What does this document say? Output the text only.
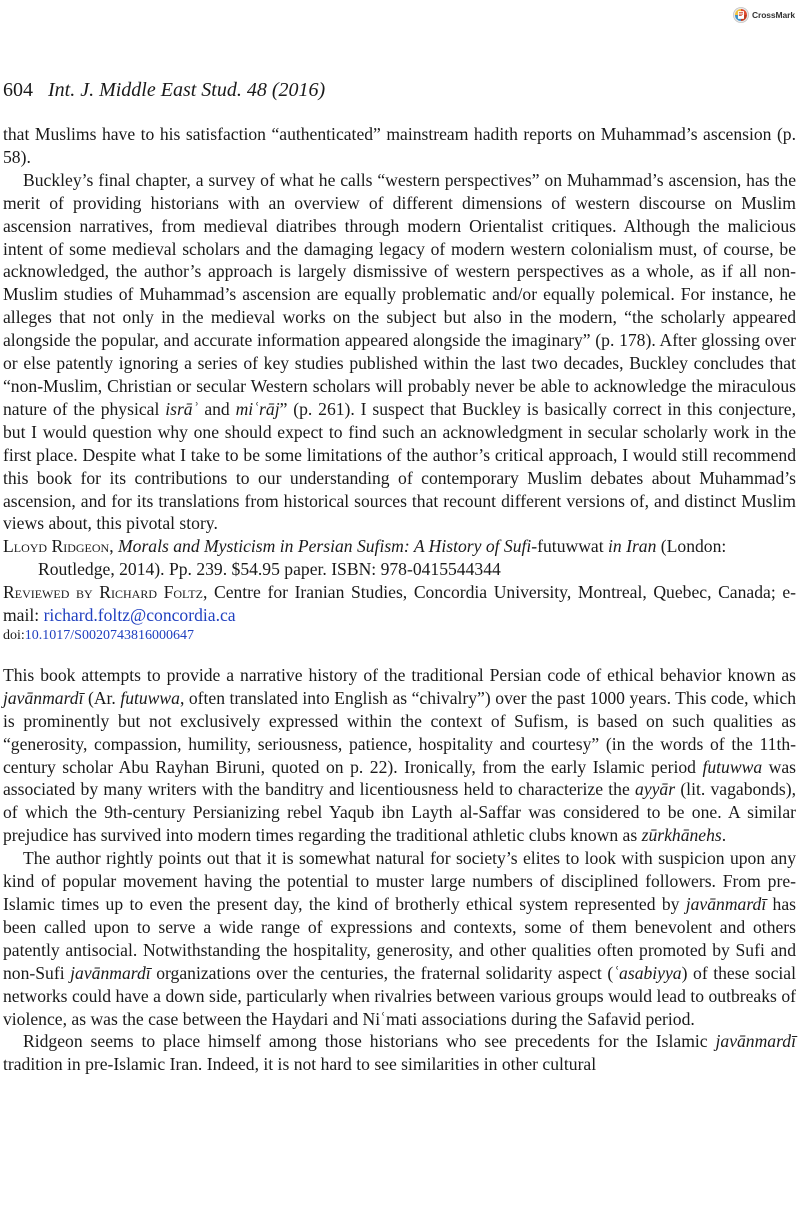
CrossMark
604 Int. J. Middle East Stud. 48 (2016)

that Muslims have to his satisfaction “authenticated” mainstream hadith reports on Muhammad’s ascension (p. 58).

Buckley’s final chapter, a survey of what he calls “western perspectives” on Muhammad’s ascension, has the merit of providing historians with an overview of different dimensions of western discourse on Muslim ascension narratives, from medieval diatribes through modern Orientalist critiques. Although the malicious intent of some medieval scholars and the damaging legacy of modern western colonialism must, of course, be acknowledged, the author’s approach is largely dismissive of western perspectives as a whole, as if all non-Muslim studies of Muhammad’s ascension are equally problematic and/or equally polemical. For instance, he alleges that not only in the medieval works on the subject but also in the modern, “the scholarly appeared alongside the popular, and accurate information appeared alongside the imaginary” (p. 178). After glossing over or else patently ignoring a series of key studies published within the last two decades, Buckley concludes that “non-Muslim, Christian or secular Western scholars will probably never be able to acknowledge the miraculous nature of the physical isrāʾ and miʿrāj” (p. 261). I suspect that Buckley is basically correct in this conjecture, but I would question why one should expect to find such an acknowledgment in secular scholarly work in the first place. Despite what I take to be some limitations of the author’s critical approach, I would still recommend this book for its contributions to our understanding of contemporary Muslim debates about Muhammad’s ascension, and for its translations from historical sources that recount different versions of, and distinct Muslim views about, this pivotal story.

Lloyd Ridgeon, Morals and Mysticism in Persian Sufism: A History of Sufi-futuwwat in Iran (London: Routledge, 2014). Pp. 239. $54.95 paper. ISBN: 978-0415544344

Reviewed by Richard Foltz, Centre for Iranian Studies, Concordia University, Montreal, Quebec, Canada; e-mail: richard.foltz@concordia.ca

doi:10.1017/S0020743816000647

This book attempts to provide a narrative history of the traditional Persian code of ethical behavior known as javānmardī (Ar. futuwwa, often translated into English as “chivalry”) over the past 1000 years. This code, which is prominently but not exclusively expressed within the context of Sufism, is based on such qualities as “generosity, compassion, humility, seriousness, patience, hospitality and courtesy” (in the words of the 11th-century scholar Abu Rayhan Biruni, quoted on p. 22). Ironically, from the early Islamic period futuwwa was associated by many writers with the banditry and licentiousness held to characterize the ayyār (lit. vagabonds), of which the 9th-century Persianizing rebel Yaqub ibn Layth al-Saffar was considered to be one. A similar prejudice has survived into modern times regarding the traditional athletic clubs known as zūrkhānehs.

The author rightly points out that it is somewhat natural for society’s elites to look with suspicion upon any kind of popular movement having the potential to muster large numbers of disciplined followers. From pre-Islamic times up to even the present day, the kind of brotherly ethical system represented by javānmardī has been called upon to serve a wide range of expressions and contexts, some of them benevolent and others patently antisocial. Notwithstanding the hospitality, generosity, and other qualities often promoted by Sufi and non-Sufi javānmardī organizations over the centuries, the fraternal solidarity aspect (ʿasabiyya) of these social networks could have a down side, particularly when rivalries between various groups would lead to outbreaks of violence, as was the case between the Haydari and Niʿmati associations during the Safavid period.

Ridgeon seems to place himself among those historians who see precedents for the Islamic javānmardī tradition in pre-Islamic Iran. Indeed, it is not hard to see similarities in other cultural
